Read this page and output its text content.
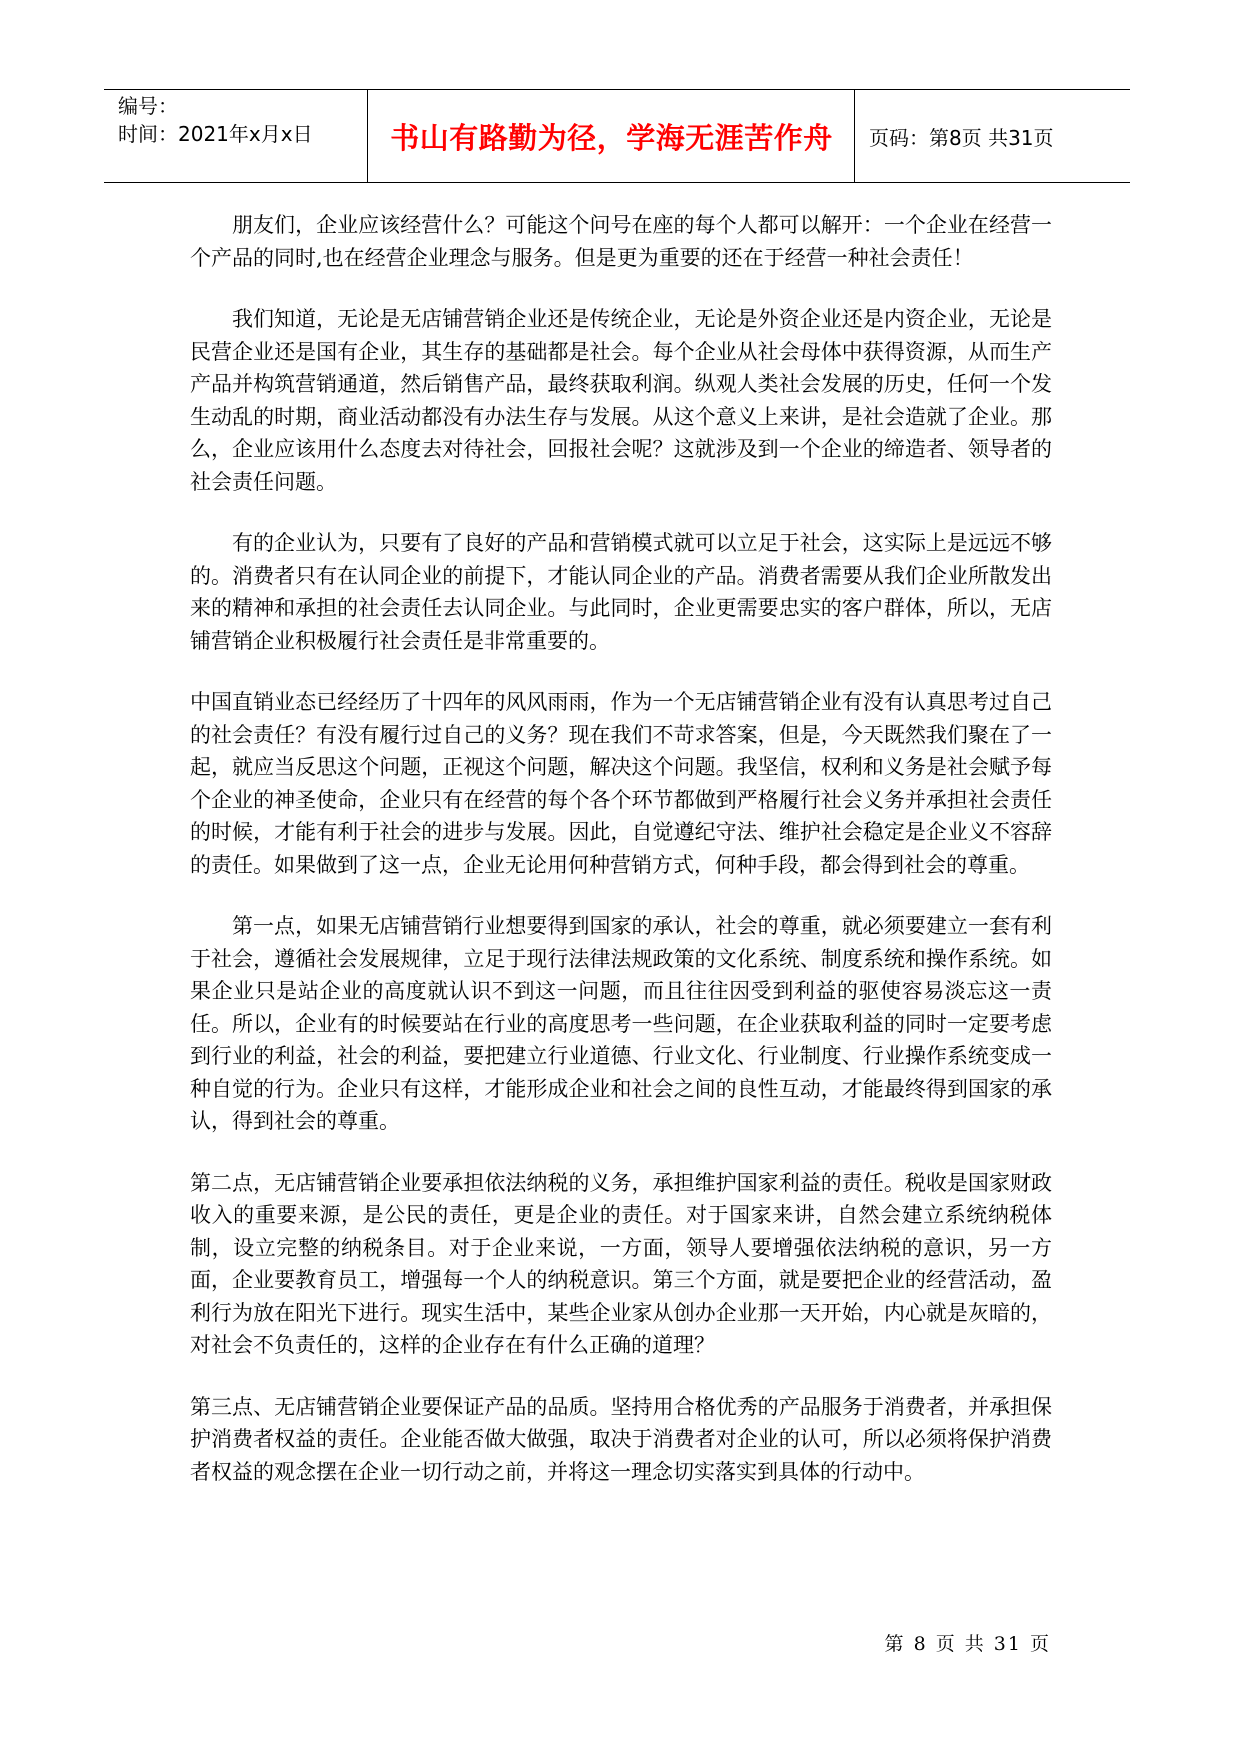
编号：
时间：2021年x月x日	书山有路勤为径，学海无涯苦作舟	页码：第8页 共31页

朋友们，企业应该经营什么？可能这个问号在座的每个人都可以解开：一个企业在经营一个产品的同时,也在经营企业理念与服务。但是更为重要的还在于经营一种社会责任！

我们知道，无论是无店铺营销企业还是传统企业，无论是外资企业还是内资企业，无论是民营企业还是国有企业，其生存的基础都是社会。每个企业从社会母体中获得资源，从而生产产品并构筑营销通道，然后销售产品，最终获取利润。纵观人类社会发展的历史，任何一个发生动乱的时期，商业活动都没有办法生存与发展。从这个意义上来讲，是社会造就了企业。那么，企业应该用什么态度去对待社会，回报社会呢？这就涉及到一个企业的缔造者、领导者的社会责任问题。

有的企业认为，只要有了良好的产品和营销模式就可以立足于社会，这实际上是远远不够的。消费者只有在认同企业的前提下，才能认同企业的产品。消费者需要从我们企业所散发出来的精神和承担的社会责任去认同企业。与此同时，企业更需要忠实的客户群体，所以，无店铺营销企业积极履行社会责任是非常重要的。

中国直销业态已经经历了十四年的风风雨雨，作为一个无店铺营销企业有没有认真思考过自己的社会责任？有没有履行过自己的义务？现在我们不苛求答案，但是，今天既然我们聚在了一起，就应当反思这个问题，正视这个问题，解决这个问题。我坚信，权利和义务是社会赋予每个企业的神圣使命，企业只有在经营的每个各个环节都做到严格履行社会义务并承担社会责任的时候，才能有利于社会的进步与发展。因此，自觉遵纪守法、维护社会稳定是企业义不容辞的责任。如果做到了这一点，企业无论用何种营销方式，何种手段，都会得到社会的尊重。

第一点，如果无店铺营销行业想要得到国家的承认，社会的尊重，就必须要建立一套有利于社会，遵循社会发展规律，立足于现行法律法规政策的文化系统、制度系统和操作系统。如果企业只是站企业的高度就认识不到这一问题，而且往往因受到利益的驱使容易淡忘这一责任。所以，企业有的时候要站在行业的高度思考一些问题，在企业获取利益的同时一定要考虑到行业的利益，社会的利益，要把建立行业道德、行业文化、行业制度、行业操作系统变成一种自觉的行为。企业只有这样，才能形成企业和社会之间的良性互动，才能最终得到国家的承认，得到社会的尊重。

第二点，无店铺营销企业要承担依法纳税的义务，承担维护国家利益的责任。税收是国家财政收入的重要来源，是公民的责任，更是企业的责任。对于国家来讲，自然会建立系统纳税体制，设立完整的纳税条目。对于企业来说，一方面，领导人要增强依法纳税的意识，另一方面，企业要教育员工，增强每一个人的纳税意识。第三个方面，就是要把企业的经营活动，盈利行为放在阳光下进行。现实生活中，某些企业家从创办企业那一天开始，内心就是灰暗的，对社会不负责任的，这样的企业存在有什么正确的道理？

第三点、无店铺营销企业要保证产品的品质。坚持用合格优秀的产品服务于消费者，并承担保护消费者权益的责任。企业能否做大做强，取决于消费者对企业的认可，所以必须将保护消费者权益的观念摆在企业一切行动之前，并将这一理念切实落实到具体的行动中。

第 8 页 共 31 页
